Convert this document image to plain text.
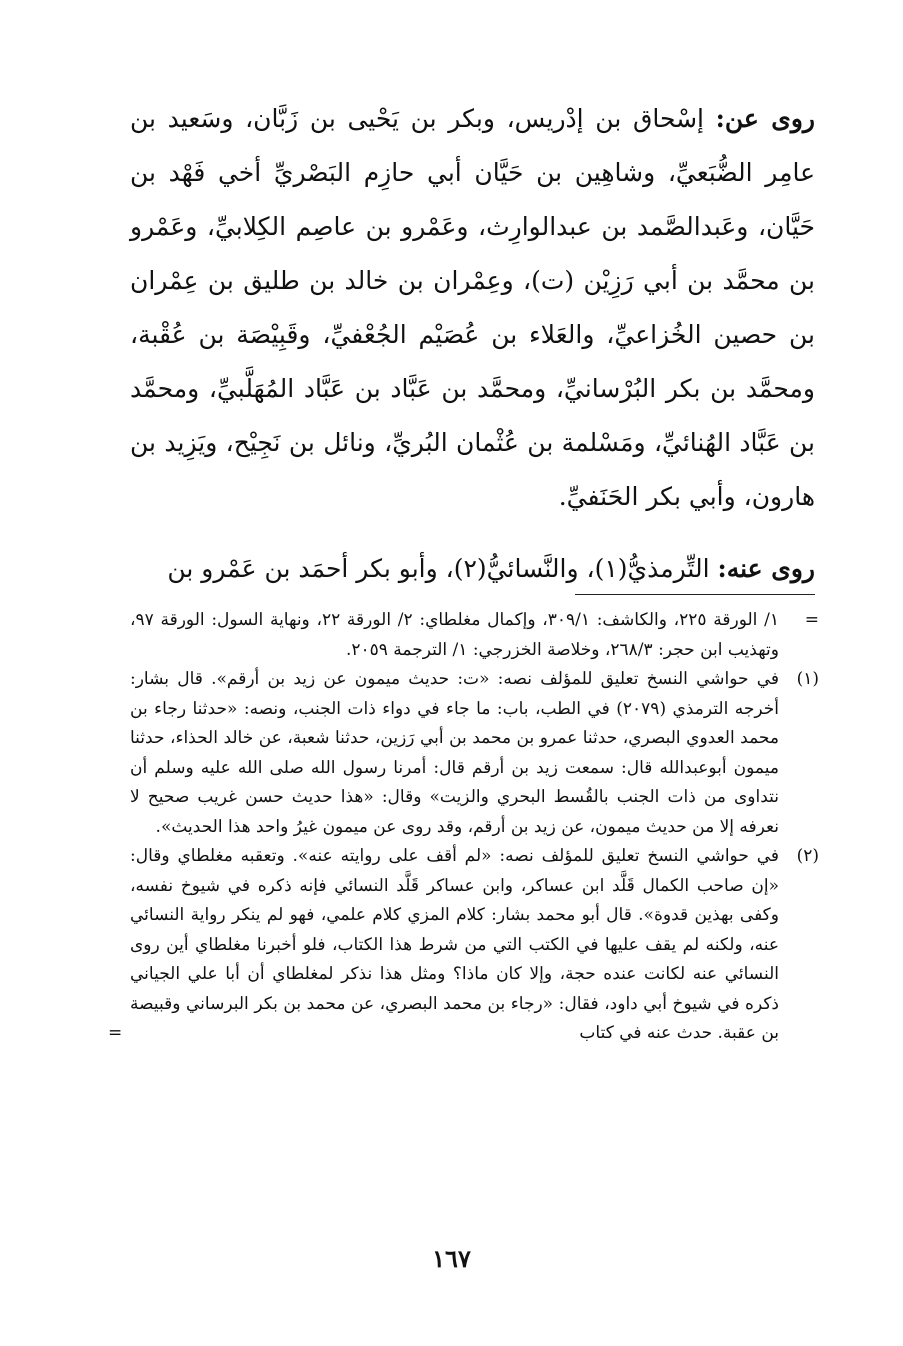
روى عن: إسْحاق بن إدْريس، وبكر بن يَحْيى بن زَبَّان، وسَعيد بن عامِر الضُّبَعيِّ، وشاهِين بن حَيَّان أبي حازِم البَصْريِّ أخي فَهْد بن حَيَّان، وعَبدالصَّمد بن عبدالوارِث، وعَمْرو بن عاصِم الكِلابيِّ، وعَمْرو بن محمَّد بن أبي رَزِيْن (ت)، وعِمْران بن خالد بن طليق بن عِمْران بن حصين الخُزاعيِّ، والعَلاء بن عُصَيْم الجُعْفيِّ، وقَبِيْصَة بن عُقْبة، ومحمَّد بن بكر البُرْسانيِّ، ومحمَّد بن عَبَّاد بن عَبَّاد المُهَلَّبيِّ، ومحمَّد بن عَبَّاد الهُنائيِّ، ومَسْلمة بن عُثْمان البُريِّ، ونائل بن نَجِيْح، ويَزِيد بن هارون، وأبي بكر الحَنَفيِّ.

روى عنه: التِّرمذيُّ(١)، والنَّسائيُّ(٢)، وأبو بكر أحمَد بن عَمْرو بن

=
١/ الورقة ٢٢٥، والكاشف: ٣٠٩/١، وإكمال مغلطاي: ٢/ الورقة ٢٢، ونهاية السول: الورقة ٩٧، وتهذيب ابن حجر: ٢٦٨/٣، وخلاصة الخزرجي: ١/ الترجمة ٢٠٥٩.

(١)
في حواشي النسخ تعليق للمؤلف نصه: «ت: حديث ميمون عن زيد بن أرقم». قال بشار: أخرجه الترمذي (٢٠٧٩) في الطب، باب: ما جاء في دواء ذات الجنب، ونصه: «حدثنا رجاء بن محمد العدوي البصري، حدثنا عمرو بن محمد بن أبي رَزين، حدثنا شعبة، عن خالد الحذاء، حدثنا ميمون أبوعبدالله قال: سمعت زيد بن أرقم قال: أمرنا رسول الله صلى الله عليه وسلم أن نتداوى من ذات الجنب بالقُسط البحري والزيت» وقال: «هذا حديث حسن غريب صحيح لا نعرفه إلا من حديث ميمون، عن زيد بن أرقم، وقد روى عن ميمون غيرُ واحد هذا الحديث».

(٢)
في حواشي النسخ تعليق للمؤلف نصه: «لم أقف على روايته عنه». وتعقبه مغلطاي وقال: «إن صاحب الكمال قَلَّد ابن عساكر، وابن عساكر قَلَّد النسائي فإنه ذكره في شيوخ نفسه، وكفى بهذين قدوة». قال أبو محمد بشار: كلام المزي كلام علمي، فهو لم ينكر رواية النسائي عنه، ولكنه لم يقف عليها في الكتب التي من شرط هذا الكتاب، فلو أخبرنا مغلطاي أين روى النسائي عنه لكانت عنده حجة، وإلا كان ماذا؟ ومثل هذا نذكر لمغلطاي أن أبا علي الجياني ذكره في شيوخ أبي داود، فقال: «رجاء بن محمد البصري، عن محمد بن بكر البرساني وقبيصة بن عقبة. حدث عنه في كتاب
=

١٦٧
